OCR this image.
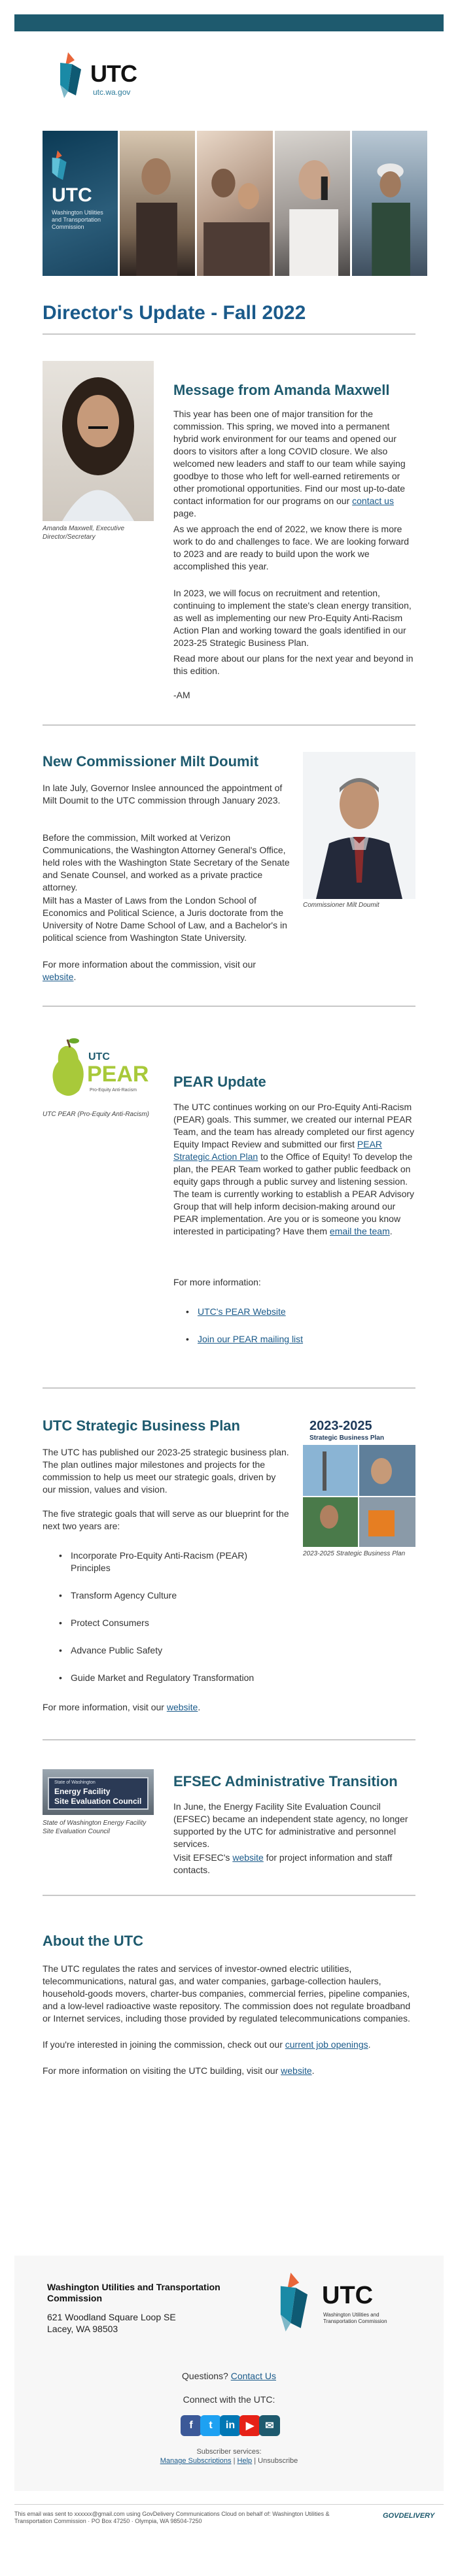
UTC
utc.wa.gov
UTC
Washington Utilities and Transportation Commission
Director's Update - Fall 2022
Amanda Maxwell, Executive Director/Secretary
Message from Amanda Maxwell
This year has been one of major transition for the commission. This spring, we moved into a permanent hybrid work environment for our teams and opened our doors to visitors after a long COVID closure. We also welcomed new leaders and staff to our team while saying goodbye to those who left for well-earned retirements or other promotional opportunities. Find our most up-to-date contact information for our programs on our contact us page.
As we approach the end of 2022, we know there is more work to do and challenges to face. We are looking forward to 2023 and are ready to build upon the work we accomplished this year.
In 2023, we will focus on recruitment and retention, continuing to implement the state's clean energy transition, as well as implementing our new Pro-Equity Anti-Racism Action Plan and working toward the goals identified in our 2023-25 Strategic Business Plan.
Read more about our plans for the next year and beyond in this edition.
-AM
New Commissioner Milt Doumit
Commissioner Milt Doumit
In late July, Governor Inslee announced the appointment of Milt Doumit to the UTC commission through January 2023.
Before the commission, Milt worked at Verizon Communications, the Washington Attorney General's Office, held roles with the Washington State Secretary of the Senate and Senate Counsel, and worked as a private practice attorney.
Milt has a Master of Laws from the London School of Economics and Political Science, a Juris doctorate from the University of Notre Dame School of Law, and a Bachelor's in political science from Washington State University.
For more information about the commission, visit our website.
UTC
PEAR
Pro-Equity Anti-Racism
UTC PEAR (Pro-Equity Anti-Racism)
PEAR Update
The UTC continues working on our Pro-Equity Anti-Racism (PEAR) goals. This summer, we created our internal PEAR Team, and the team has already completed our first agency Equity Impact Review and submitted our first PEAR Strategic Action Plan to the Office of Equity! To develop the plan, the PEAR Team worked to gather public feedback on equity gaps through a public survey and listening session. The team is currently working to establish a PEAR Advisory Group that will help inform decision-making around our PEAR implementation. Are you or is someone you know interested in participating? Have them email the team.
For more information:
• UTC's PEAR Website
• Join our PEAR mailing list
UTC Strategic Business Plan	2023-2025
Strategic Business Plan
2023-2025 Strategic Business Plan
The UTC has published our 2023-25 strategic business plan. The plan outlines major milestones and projects for the commission to help us meet our strategic goals, driven by our mission, values and vision.
The five strategic goals that will serve as our blueprint for the next two years are:
• Incorporate Pro-Equity Anti-Racism (PEAR) Principles
• Transform Agency Culture
• Protect Consumers
• Advance Public Safety
• Guide Market and Regulatory Transformation
For more information, visit our website.
State of Washington
Energy Facility
Site Evaluation Council
State of Washington Energy Facility Site Evaluation Council
EFSEC Administrative Transition
In June, the Energy Facility Site Evaluation Council (EFSEC) became an independent state agency, no longer supported by the UTC for administrative and personnel services.
Visit EFSEC's website for project information and staff contacts.
About the UTC
The UTC regulates the rates and services of investor-owned electric utilities, telecommunications, natural gas, and water companies, garbage-collection haulers, household-goods movers, charter-bus companies, commercial ferries, pipeline companies, and a low-level radioactive waste repository. The commission does not regulate broadband or Internet services, including those provided by regulated telecommunications companies.
If you're interested in joining the commission, check out our current job openings.
For more information on visiting the UTC building, visit our website.
Washington Utilities and Transportation Commission
621 Woodland Square Loop SE
Lacey, WA 98503
UTC
Washington Utilities and Transportation Commission
Questions? Contact Us
Connect with the UTC:
f	t	in	▶	✉
Subscriber services:
Manage Subscriptions | Help | Unsubscribe
This email was sent to xxxxxx@gmail.com using GovDelivery Communications Cloud on behalf of: Washington Utilities & Transportation Commission · PO Box 47250 · Olympia, WA 98504-7250
GOVDELIVERY
